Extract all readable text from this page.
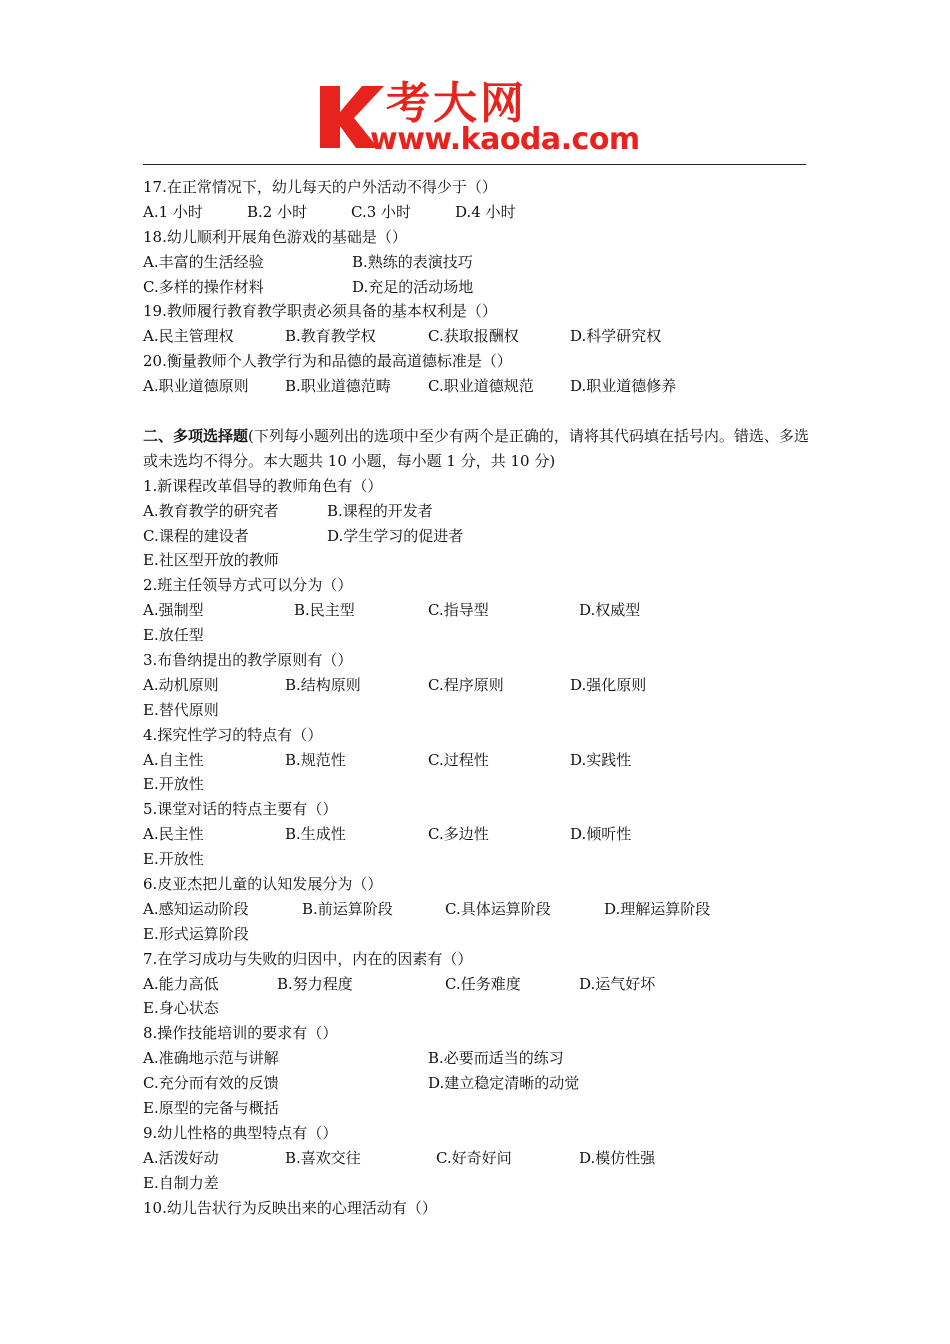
考大网
www.kaoda.com
17.在正常情况下，幼儿每天的户外活动不得少于（）
A.1 小时	B.2 小时	C.3 小时	D.4 小时
18.幼儿顺利开展角色游戏的基础是（）
A.丰富的生活经验	B.熟练的表演技巧
C.多样的操作材料	D.充足的活动场地
19.教师履行教育教学职责必须具备的基本权利是（）
A.民主管理权	B.教育教学权	C.获取报酬权	D.科学研究权
20.衡量教师个人教学行为和品德的最高道德标准是（）
A.职业道德原则 B.职业道德范畴 C.职业道德规范 D.职业道德修养
二、多项选择题(下列每小题列出的选项中至少有两个是正确的，请将其代码填在括号内。错选、多选或未选均不得分。本大题共 10 小题，每小题 1 分，共 10 分)
1.新课程改革倡导的教师角色有（）
A.教育教学的研究者	B.课程的开发者
C.课程的建设者	D.学生学习的促进者
E.社区型开放的教师
2.班主任领导方式可以分为（）
A.强制型	B.民主型	C.指导型	D.权威型
E.放任型
3.布鲁纳提出的教学原则有（）
A.动机原则	B.结构原则	C.程序原则	D.强化原则
E.替代原则
4.探究性学习的特点有（）
A.自主性	B.规范性	C.过程性	D.实践性
E.开放性
5.课堂对话的特点主要有（）
A.民主性	B.生成性	C.多边性	D.倾听性
E.开放性
6.皮亚杰把儿童的认知发展分为（）
A.感知运动阶段	B.前运算阶段	C.具体运算阶段	D.理解运算阶段
E.形式运算阶段
7.在学习成功与失败的归因中，内在的因素有（）
A.能力高低	B.努力程度	C.任务难度	D.运气好坏
E.身心状态
8.操作技能培训的要求有（）
A.准确地示范与讲解	B.必要而适当的练习
C.充分而有效的反馈	D.建立稳定清晰的动觉
E.原型的完备与概括
9.幼儿性格的典型特点有（）
A.活泼好动	B.喜欢交往	C.好奇好问	D.模仿性强
E.自制力差
10.幼儿告状行为反映出来的心理活动有（）
